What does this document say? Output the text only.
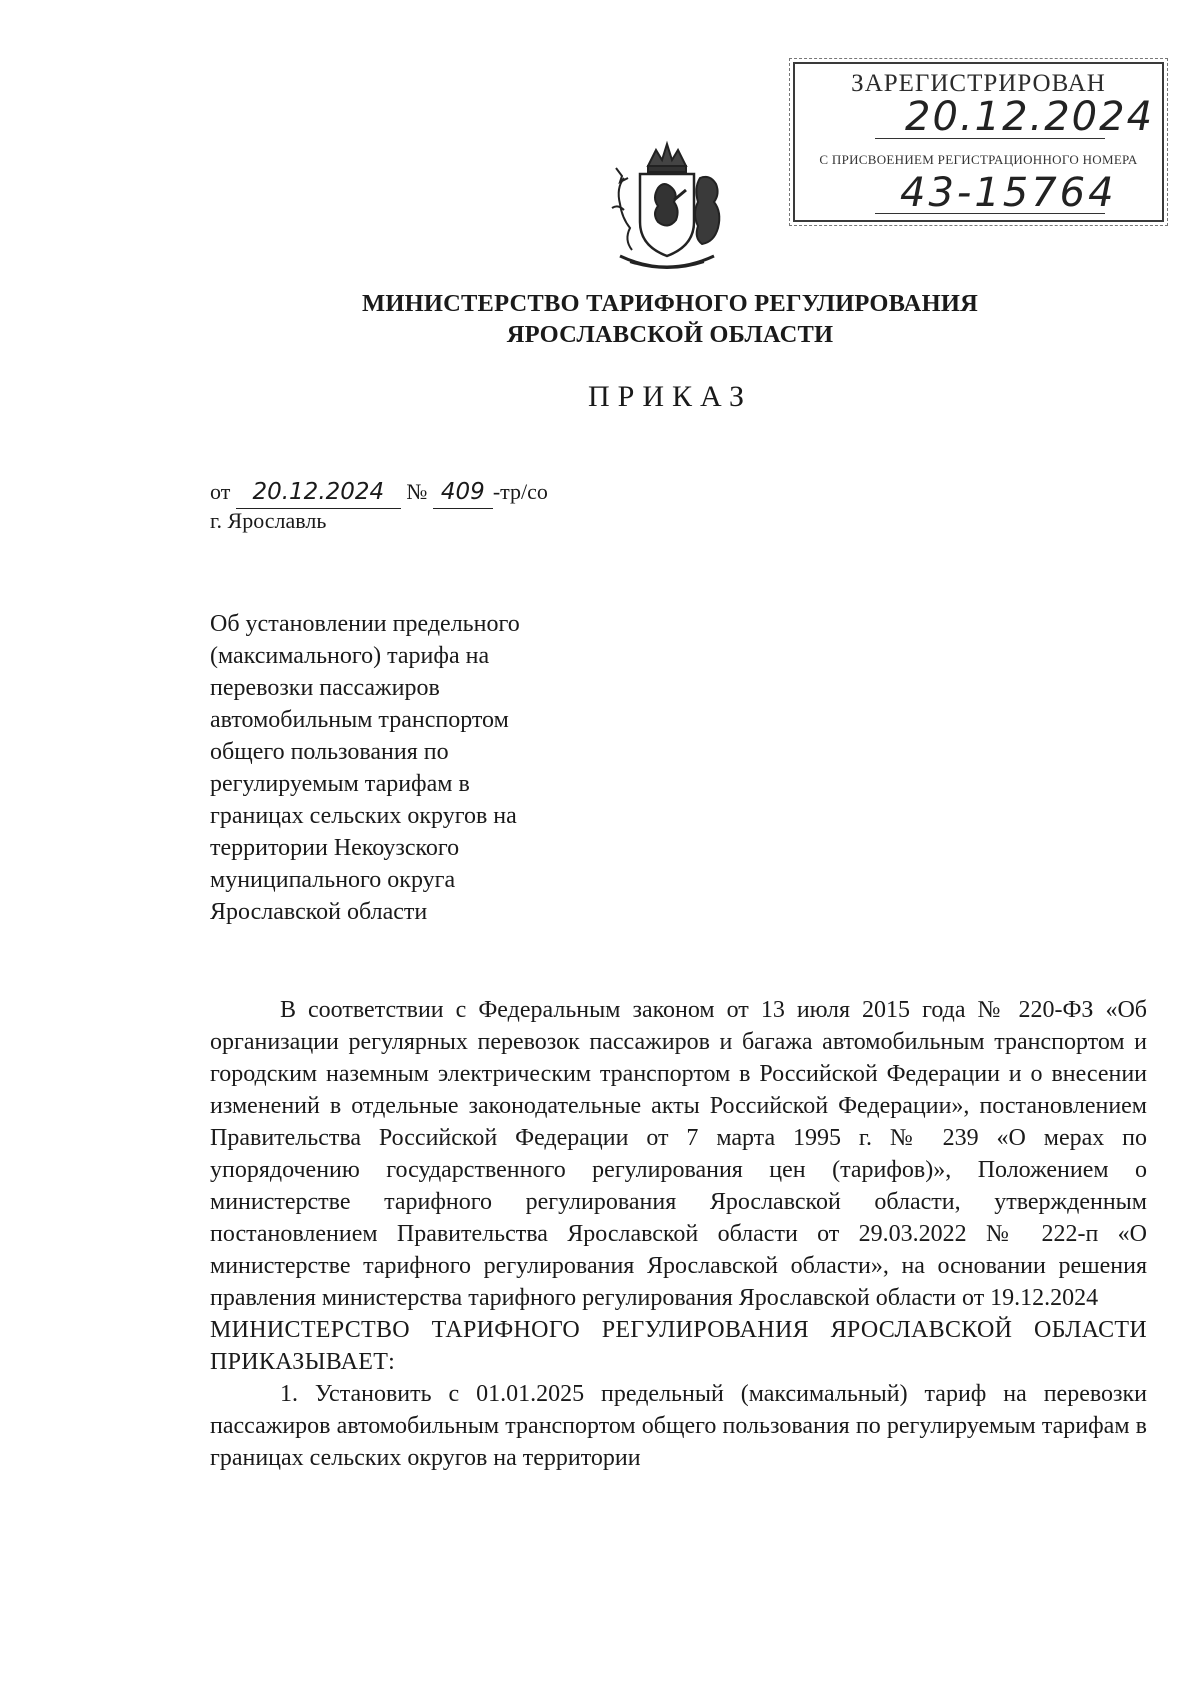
ЗАРЕГИСТРИРОВАН
20.12.2024
С ПРИСВОЕНИЕМ РЕГИСТРАЦИОННОГО НОМЕРА
43-15764
МИНИСТЕРСТВО ТАРИФНОГО РЕГУЛИРОВАНИЯ
ЯРОСЛАВСКОЙ ОБЛАСТИ
ПРИКАЗ
от 20.12.2024 № 409 -тр/со
г. Ярославль
Об установлении предельного
(максимального) тарифа на
перевозки пассажиров
автомобильным транспортом
общего пользования по
регулируемым тарифам в
границах сельских округов на
территории Некоузского
муниципального округа
Ярославской области

В соответствии с Федеральным законом от 13 июля 2015 года № 220-ФЗ «Об организации регулярных перевозок пассажиров и багажа автомобильным транспортом и городским наземным электрическим транспортом в Российской Федерации и о внесении изменений в отдельные законодательные акты Российской Федерации», постановлением Правительства Российской Федерации от 7 марта 1995 г. № 239 «О мерах по упорядочению государственного регулирования цен (тарифов)», Положением о министерстве тарифного регулирования Ярославской области, утвержденным постановлением Правительства Ярославской области от 29.03.2022 № 222-п «О министерстве тарифного регулирования Ярославской области», на основании решения правления министерства тарифного регулирования Ярославской области от 19.12.2024

МИНИСТЕРСТВО ТАРИФНОГО РЕГУЛИРОВАНИЯ ЯРОСЛАВСКОЙ ОБЛАСТИ ПРИКАЗЫВАЕТ:

1. Установить с 01.01.2025 предельный (максимальный) тариф на перевозки пассажиров автомобильным транспортом общего пользования по регулируемым тарифам в границах сельских округов на территории
